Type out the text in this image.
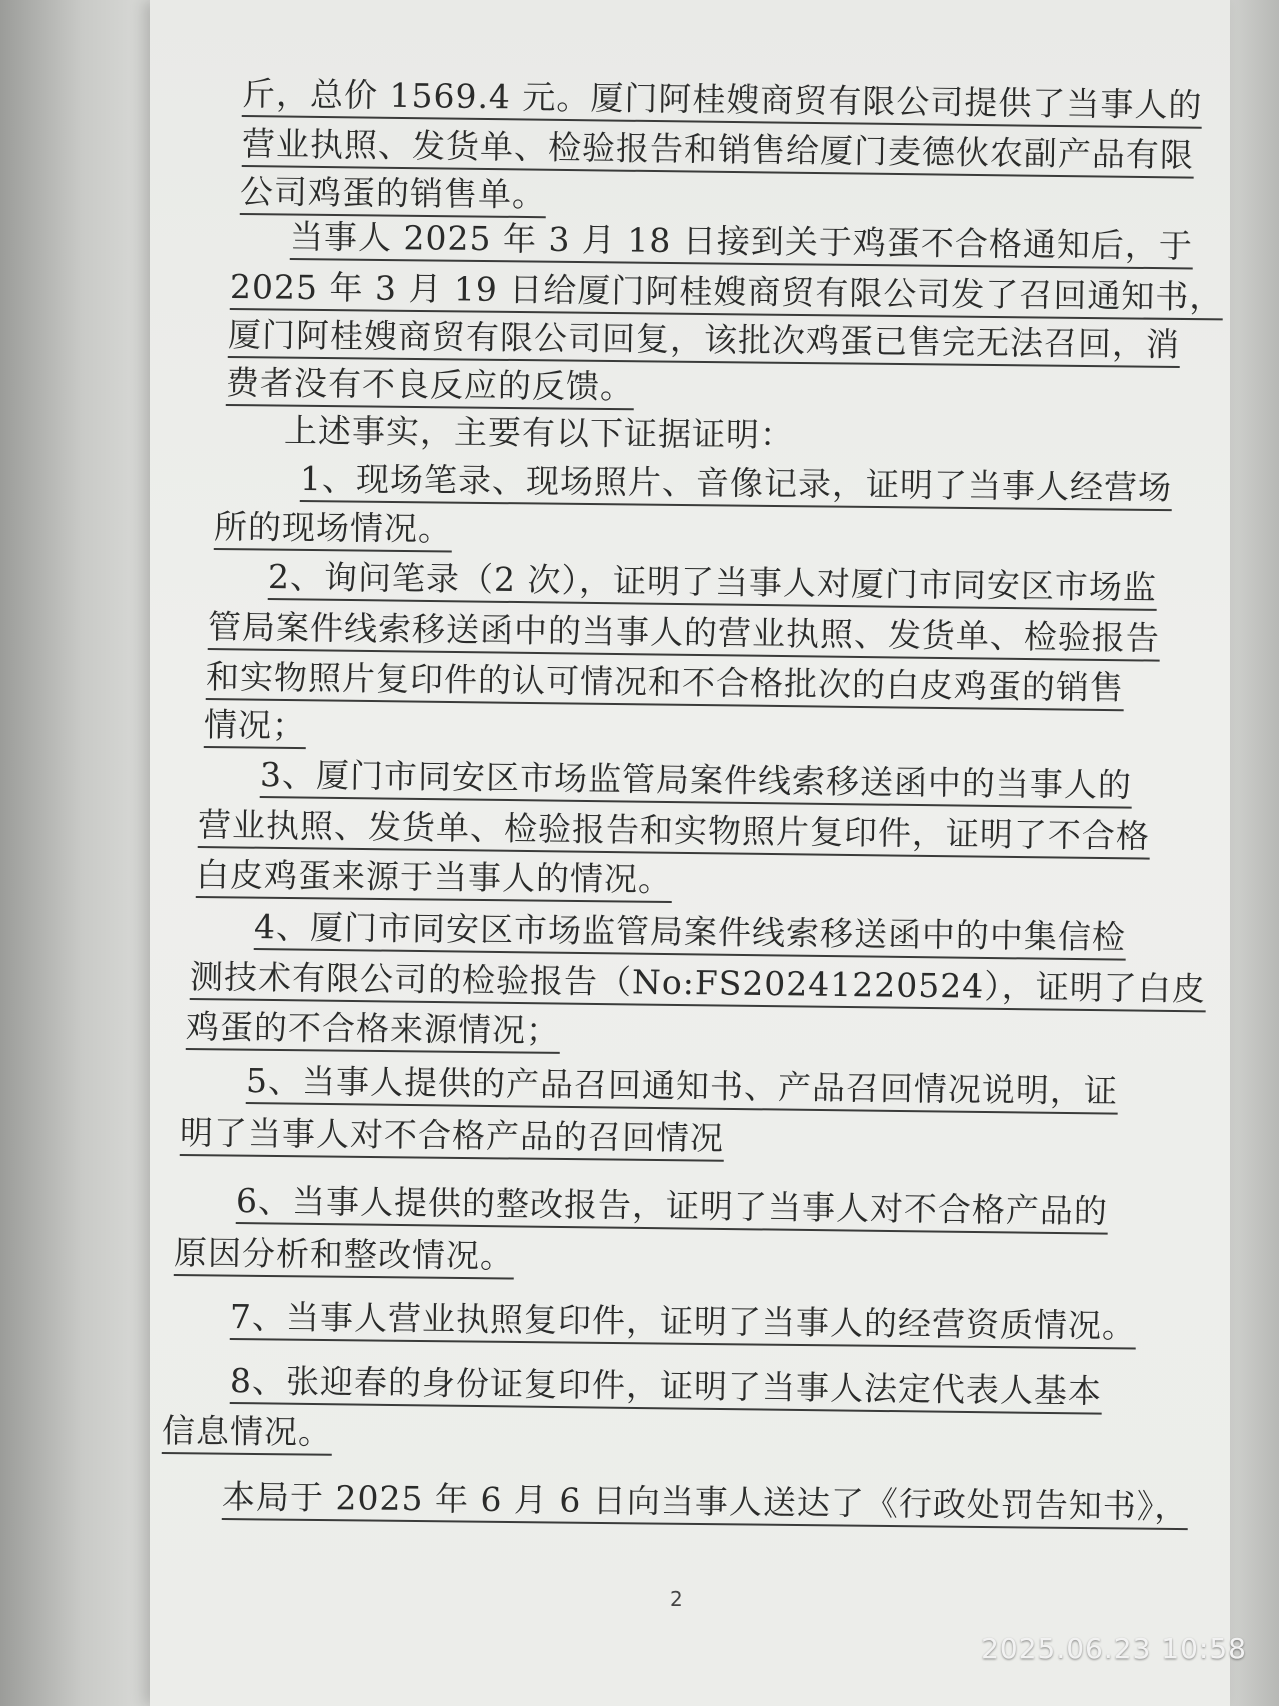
斤，总价 1569.4 元。厦门阿桂嫂商贸有限公司提供了当事人的
营业执照、发货单、检验报告和销售给厦门麦德伙农副产品有限
公司鸡蛋的销售单。
当事人 2025 年 3 月 18 日接到关于鸡蛋不合格通知后，于
2025 年 3 月 19 日给厦门阿桂嫂商贸有限公司发了召回通知书，
厦门阿桂嫂商贸有限公司回复，该批次鸡蛋已售完无法召回，消
费者没有不良反应的反馈。
上述事实，主要有以下证据证明：
1、现场笔录、现场照片、音像记录，证明了当事人经营场
所的现场情况。
2、询问笔录（2 次），证明了当事人对厦门市同安区市场监
管局案件线索移送函中的当事人的营业执照、发货单、检验报告
和实物照片复印件的认可情况和不合格批次的白皮鸡蛋的销售
情况；
3、厦门市同安区市场监管局案件线索移送函中的当事人的
营业执照、发货单、检验报告和实物照片复印件，证明了不合格
白皮鸡蛋来源于当事人的情况。
4、厦门市同安区市场监管局案件线索移送函中的中集信检
测技术有限公司的检验报告（No:FS20241220524），证明了白皮
鸡蛋的不合格来源情况；
5、当事人提供的产品召回通知书、产品召回情况说明，证
明了当事人对不合格产品的召回情况
6、当事人提供的整改报告，证明了当事人对不合格产品的
原因分析和整改情况。
7、当事人营业执照复印件，证明了当事人的经营资质情况。
8、张迎春的身份证复印件，证明了当事人法定代表人基本
信息情况。
本局于 2025 年 6 月 6 日向当事人送达了《行政处罚告知书》，
2
2025.06.23 10:58
